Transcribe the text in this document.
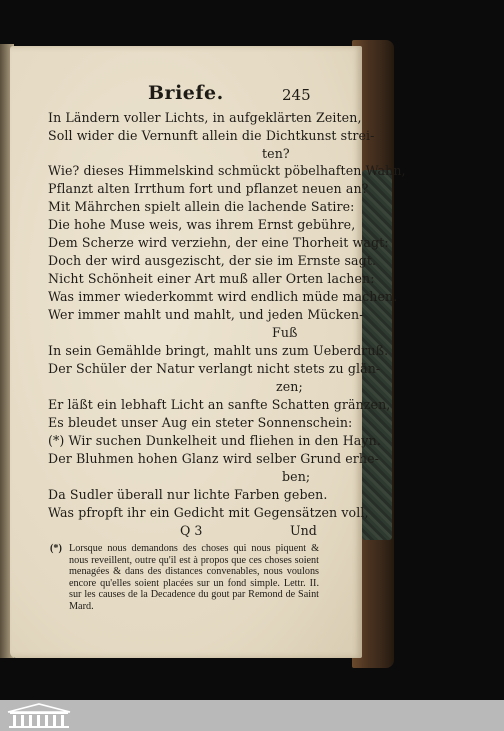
Briefe.	245
In Ländern voller Lichts, in aufgeklärten Zeiten,
Soll wider die Vernunft allein die Dichtkunst strei-
ten?
Wie? dieses Himmelskind schmückt pöbelhaften Wahn,
Pflanzt alten Irrthum fort und pflanzet neuen an?
Mit Mährchen spielt allein die lachende Satire:
Die hohe Muse weis, was ihrem Ernst gebühre,
Dem Scherze wird verziehn, der eine Thorheit wagt:
Doch der wird ausgezischt, der sie im Ernste sagt.
Nicht Schönheit einer Art muß aller Orten lachen:
Was immer wiederkommt wird endlich müde machen.
Wer immer mahlt und mahlt, und jeden Mücken-
Fuß
In sein Gemählde bringt, mahlt uns zum Ueberdruß.
Der Schüler der Natur verlangt nicht stets zu glän-
zen;
Er läßt ein lebhaft Licht an sanfte Schatten gränzen,
Es bleudet unser Aug ein steter Sonnenschein:
(*) Wir suchen Dunkelheit und fliehen in den Hayn.
Der Bluhmen hohen Glanz wird selber Grund erhe-
ben;
Da Sudler überall nur lichte Farben geben.
Was pfropft ihr ein Gedicht mit Gegensätzen voll,
Q 3	Und
(*) Lorsque nous demandons des choses qui nous piquent & nous reveillent, outre qu'il est à propos que ces choses soient menagées & dans des distances convenables, nous voulons encore qu'elles soient placées sur un fond simple. Lettr. II. sur les causes de la Decadence du gout par Remond de Saint Mard.
